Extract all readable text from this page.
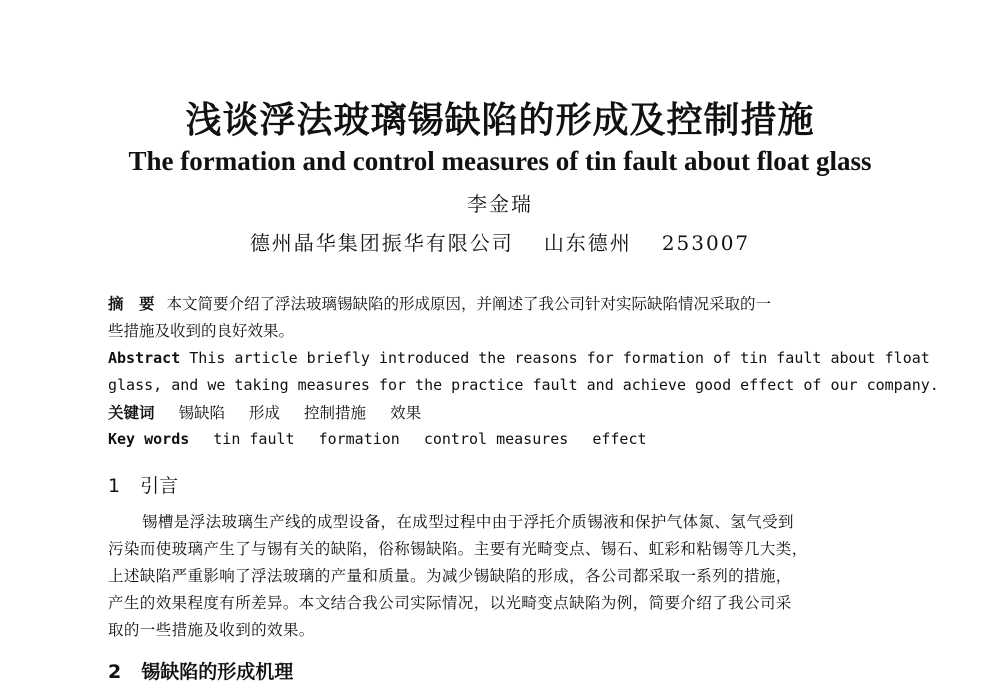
浅谈浮法玻璃锡缺陷的形成及控制措施
The formation and control measures of tin fault about float glass
李金瑞
德州晶华集团振华有限公司 山东德州 253007
摘　要 本文简要介绍了浮法玻璃锡缺陷的形成原因，并阐述了我公司针对实际缺陷情况采取的一
些措施及收到的良好效果。
Abstract This article briefly introduced the reasons for formation of tin fault about float
glass, and we taking measures for the practice fault and achieve good effect of our company.
关键词 锡缺陷 形成 控制措施 效果
Key words tin fault formation control measures effect
1 引言
锡槽是浮法玻璃生产线的成型设备，在成型过程中由于浮托介质锡液和保护气体氮、氢气受到
污染而使玻璃产生了与锡有关的缺陷，俗称锡缺陷。主要有光畸变点、锡石、虹彩和粘锡等几大类，
上述缺陷严重影响了浮法玻璃的产量和质量。为减少锡缺陷的形成，各公司都采取一系列的措施，
产生的效果程度有所差异。本文结合我公司实际情况，以光畸变点缺陷为例，简要介绍了我公司采
取的一些措施及收到的效果。
2 锡缺陷的形成机理
